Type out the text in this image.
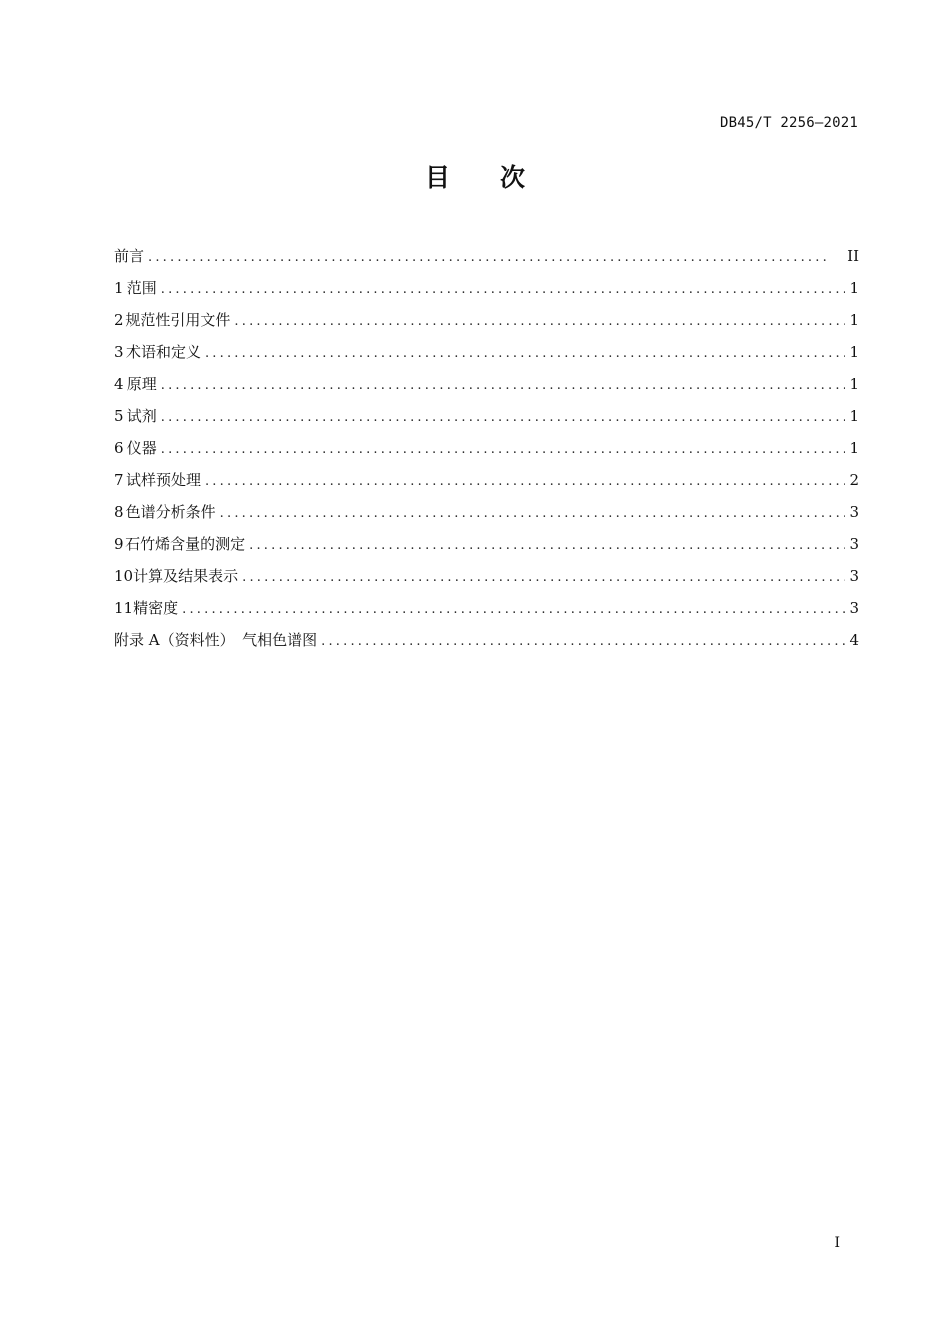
DB45/T 2256—2021
目 次
前言 .....	II
1 范围 .....	1
2 规范性引用文件 .....	1
3 术语和定义 .....	1
4 原理 .....	1
5 试剂 .....	1
6 仪器 .....	1
7 试样预处理 .....	2
8 色谱分析条件 .....	3
9 石竹烯含量的测定 .....	3
10 计算及结果表示 .....	3
11 精密度 .....	3
附录 A（资料性）　气相色谱图 .....	4
I
